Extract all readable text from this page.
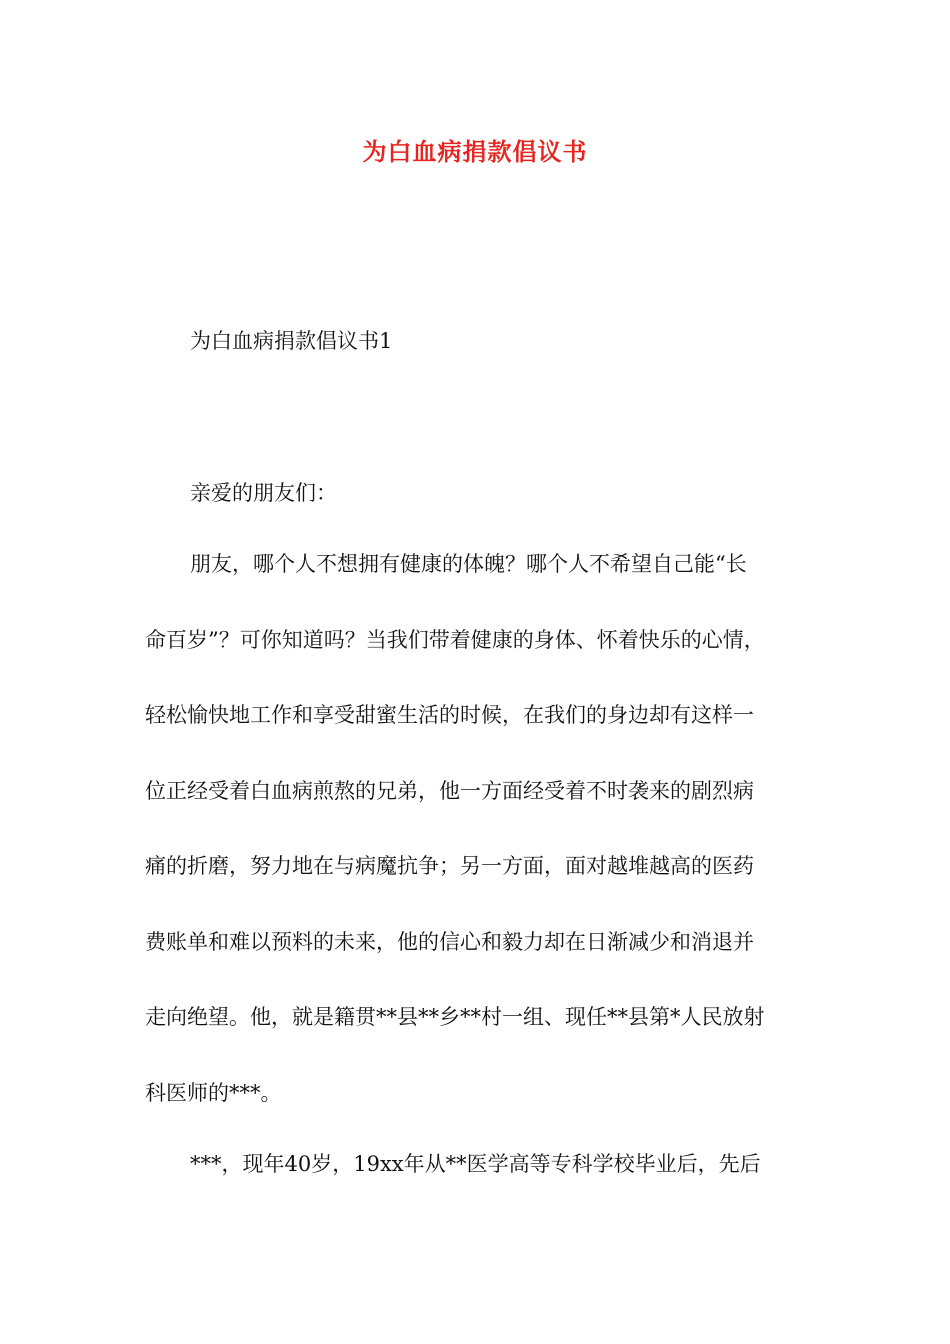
为白血病捐款倡议书
为白血病捐款倡议书1
亲爱的朋友们：
朋友，哪个人不想拥有健康的体魄？哪个人不希望自己能“长
命百岁”？可你知道吗？当我们带着健康的身体、怀着快乐的心情，
轻松愉快地工作和享受甜蜜生活的时候，在我们的身边却有这样一
位正经受着白血病煎熬的兄弟，他一方面经受着不时袭来的剧烈病
痛的折磨，努力地在与病魔抗争；另一方面，面对越堆越高的医药
费账单和难以预料的未来，他的信心和毅力却在日渐减少和消退并
走向绝望。他，就是籍贯**县**乡**村一组、现任**县第*人民放射
科医师的***。
***，现年40岁，19xx年从**医学高等专科学校毕业后，先后
